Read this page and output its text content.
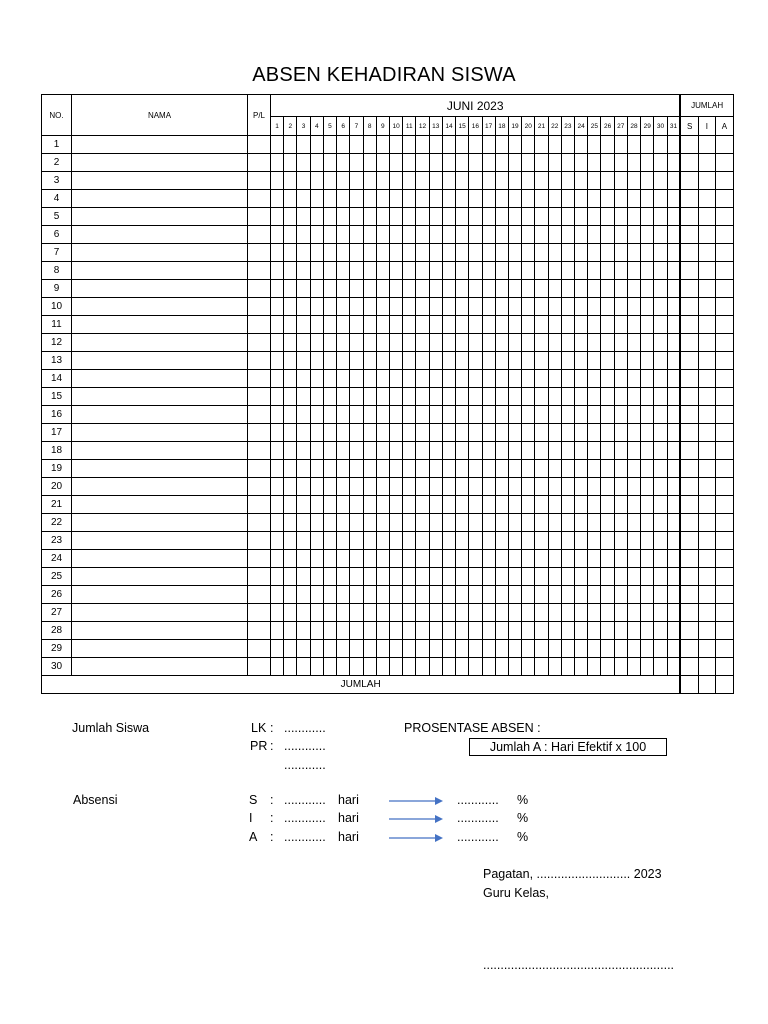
ABSEN KEHADIRAN SISWA
NO.	NAMA	P/L	JUNI 2023																															JUMLAH		
			1	2	3	4	5	6	7	8	9	10	11	12	13	14	15	16	17	18	19	20	21	22	23	24	25	26	27	28	29	30	31	S	I	A
1																																				
2																																				
3																																				
4																																				
5																																				
6																																				
7																																				
8																																				
9																																				
10																																				
11																																				
12																																				
13																																				
14																																				
15																																				
16																																				
17																																				
18																																				
19																																				
20																																				
21																																				
22																																				
23																																				
24																																				
25																																				
26																																				
27																																				
28																																				
29																																				
30																																				
JUMLAH																																				
Jumlah Siswa	LK : ............
PR : ............
............
PROSENTASE ABSEN :
Jumlah A : Hari Efektif x 100
Absensi	S : ............ hari	............ %
I : ............ hari	............ %
A : ............ hari	............ %
Pagatan, ........................... 2023
Guru Kelas,
.......................................................
